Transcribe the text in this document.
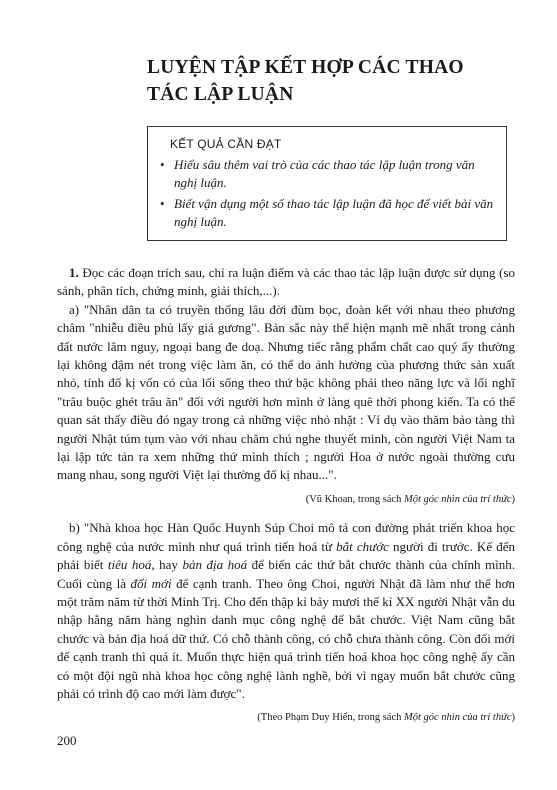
LUYỆN TẬP KẾT HỢP CÁC THAO TÁC LẬP LUẬN
KẾT QUẢ CẦN ĐẠT
• Hiểu sâu thêm vai trò của các thao tác lập luận trong văn nghị luận.
• Biết vận dụng một số thao tác lập luận đã học để viết bài văn nghị luận.

1. Đọc các đoạn trích sau, chỉ ra luận điểm và các thao tác lập luận được sử dụng (so sánh, phân tích, chứng minh, giải thích,...).

a) "Nhân dân ta có truyền thống lâu đời đùm bọc, đoàn kết với nhau theo phương châm "nhiễu điều phủ lấy giá gương". Bản sắc này thể hiện mạnh mẽ nhất trong cảnh đất nước lâm nguy, ngoại bang đe doạ. Nhưng tiếc rằng phẩm chất cao quý ấy thường lại không đậm nét trong việc làm ăn, có thể do ảnh hưởng của phương thức sản xuất nhỏ, tính đố kị vốn có của lối sống theo thứ bậc không phải theo năng lực và lối nghĩ "trâu buộc ghét trâu ăn" đối với người hơn mình ở làng quê thời phong kiến. Ta có thể quan sát thấy điều đó ngay trong cả những việc nhỏ nhặt : Ví dụ vào thăm bảo tàng thì người Nhật túm tụm vào với nhau chăm chú nghe thuyết minh, còn người Việt Nam ta lại lập tức tản ra xem những thứ mình thích ; người Hoa ở nước ngoài thường cưu mang nhau, song người Việt lại thường đố kị nhau...".

(Vũ Khoan, trong sách Một góc nhìn của trí thức)

b) "Nhà khoa học Hàn Quốc Huynh Súp Choi mô tả con đường phát triển khoa học công nghệ của nước mình như quá trình tiến hoá từ bắt chước người đi trước. Kế đến phải biết tiêu hoá, hay bản địa hoá để biến các thứ bắt chước thành của chính mình. Cuối cùng là đổi mới để cạnh tranh. Theo ông Choi, người Nhật đã làm như thế hơn một trăm năm từ thời Minh Trị. Cho đến thập kỉ bảy mươi thế kỉ XX người Nhật vẫn du nhập hằng năm hàng nghìn danh mục công nghệ để bắt chước. Việt Nam cũng bắt chước và bản địa hoá dữ thứ. Có chỗ thành công, có chỗ chưa thành công. Còn đổi mới để cạnh tranh thì quá ít. Muốn thực hiện quá trình tiến hoá khoa học công nghệ ấy cần có một đội ngũ nhà khoa học công nghệ lành nghề, bởi vì ngay muốn bắt chước cũng phải có trình độ cao mới làm được".

(Theo Phạm Duy Hiển, trong sách Một góc nhìn của trí thức)

200
